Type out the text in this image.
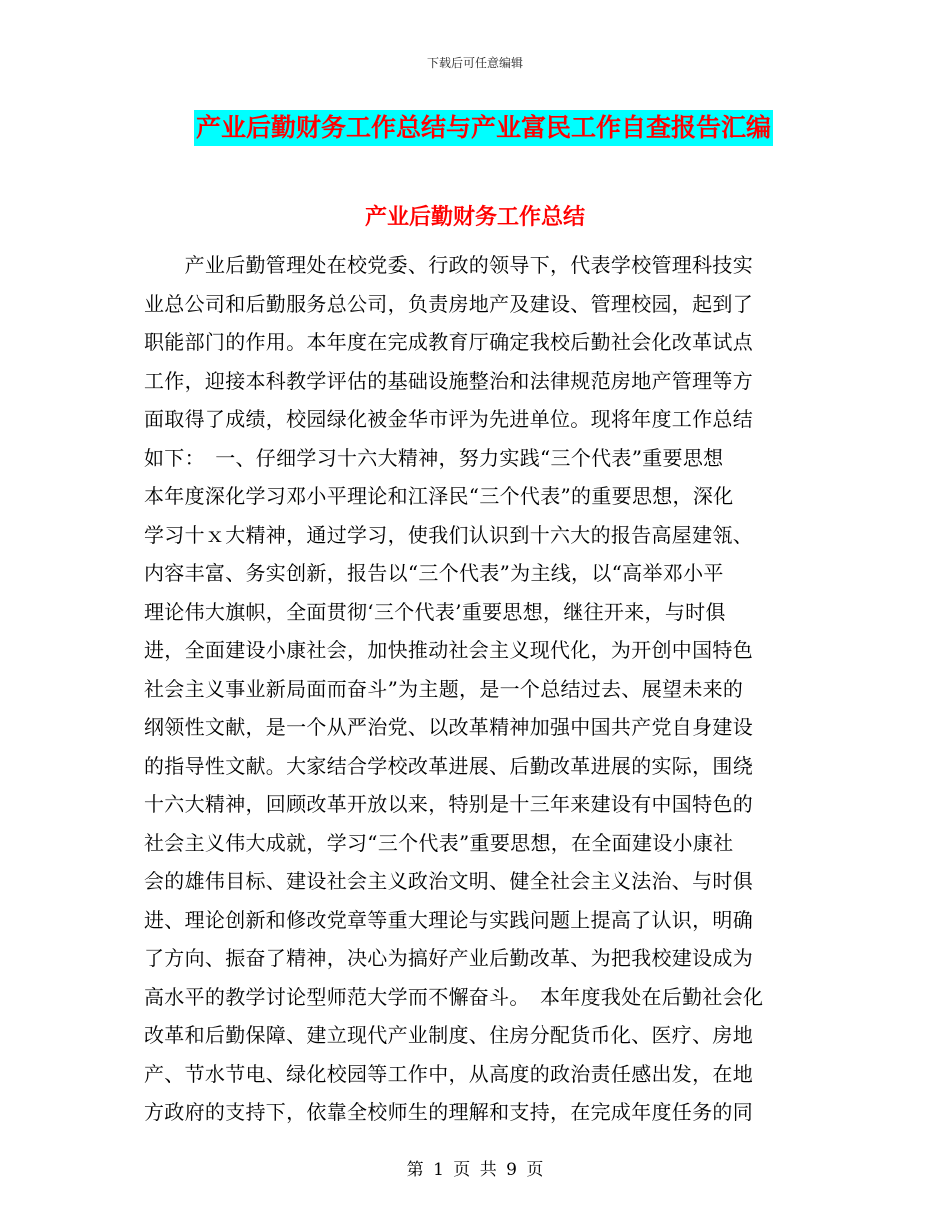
下载后可任意编辑
产业后勤财务工作总结与产业富民工作自查报告汇编
产业后勤财务工作总结
　　产业后勤管理处在校党委、行政的领导下，代表学校管理科技实
业总公司和后勤服务总公司，负责房地产及建设、管理校园，起到了
职能部门的作用。本年度在完成教育厅确定我校后勤社会化改革试点
工作，迎接本科教学评估的基础设施整治和法律规范房地产管理等方
面取得了成绩，校园绿化被金华市评为先进单位。现将年度工作总结
如下：　一、仔细学习十六大精神，努力实践“三个代表”重要思想
本年度深化学习邓小平理论和江泽民“三个代表”的重要思想，深化
学习十ｘ大精神，通过学习，使我们认识到十六大的报告高屋建瓴、
内容丰富、务实创新，报告以“三个代表”为主线，以“高举邓小平
理论伟大旗帜，全面贯彻‘三个代表’重要思想，继往开来，与时俱
进，全面建设小康社会，加快推动社会主义现代化，为开创中国特色
社会主义事业新局面而奋斗”为主题，是一个总结过去、展望未来的
纲领性文献，是一个从严治党、以改革精神加强中国共产党自身建设
的指导性文献。大家结合学校改革进展、后勤改革进展的实际，围绕
十六大精神，回顾改革开放以来，特别是十三年来建设有中国特色的
社会主义伟大成就，学习“三个代表”重要思想，在全面建设小康社
会的雄伟目标、建设社会主义政治文明、健全社会主义法治、与时俱
进、理论创新和修改党章等重大理论与实践问题上提高了认识，明确
了方向、振奋了精神，决心为搞好产业后勤改革、为把我校建设成为
高水平的教学讨论型师范大学而不懈奋斗。　本年度我处在后勤社会化
改革和后勤保障、建立现代产业制度、住房分配货币化、医疗、房地
产、节水节电、绿化校园等工作中，从高度的政治责任感出发，在地
方政府的支持下，依靠全校师生的理解和支持，在完成年度任务的同
第 1 页 共 9 页
